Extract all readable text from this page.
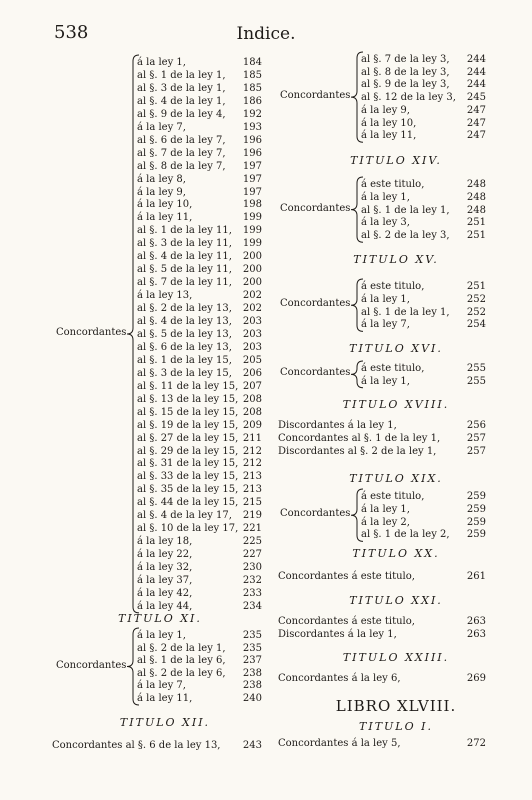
538	Indice.
á la ley 1,	184
al §. 1 de la ley 1, 185
al §. 3 de la ley 1, 185
al §. 4 de la ley 1, 186
al §. 9 de la ley 4, 192
á la ley 7,	193
al §. 6 de la ley 7, 196
al §. 7 de la ley 7, 196
al §. 8 de la ley 7, 197
á la ley 8,	197
á la ley 9,	197
á la ley 10,	198
á la ley 11,	199
al §. 1 de la ley 11, 199
al §. 3 de la ley 11, 199
al §. 4 de la ley 11, 200
al §. 5 de la ley 11, 200
al §. 7 de la ley 11, 200
á la ley 13,	202
al §. 2 de la ley 13, 202
al §. 4 de la ley 13, 203
al §. 5 de la ley 13, 203
al §. 6 de la ley 13, 203
al §. 1 de la ley 15, 205
al §. 3 de la ley 15, 206
al §. 11 de la ley 15, 207
al §. 13 de la ley 15, 208
al §. 15 de la ley 15, 208
al §. 19 de la ley 15, 209
al §. 27 de la ley 15, 211
al §. 29 de la ley 15, 212
al §. 31 de la ley 15, 212
al §. 33 de la ley 15, 213
al §. 35 de la ley 15, 213
al §. 44 de la ley 15, 215
al §. 4 de la ley 17, 219
al §. 10 de la ley 17, 221
á la ley 18,	225
á la ley 22,	227
á la ley 32,	230
á la ley 37,	232
á la ley 42,	233
á la ley 44,	234
Concordantes
TITULO XI.
á la ley 1,	235
al §. 2 de la ley 1, 235
al §. 1 de la ley 6, 237
al §. 2 de la ley 6, 238
á la ley 7,	238
á la ley 11,	240
Concordantes
TITULO XII.
Concordantes al §. 6 de la ley 13, 243
al §. 7 de la ley 3, 244
al §. 8 de la ley 3, 244
al §. 9 de la ley 3, 244
al §. 12 de la ley 3, 245
á la ley 9,	247
á la ley 10,	247
á la ley 11,	247
Concordantes
TITULO XIV.
á este titulo,	248
á la ley 1,	248
al §. 1 de la ley 1, 248
á la ley 3,	251
al §. 2 de la ley 3, 251
Concordantes
TITULO XV.
á este titulo,	251
á la ley 1,	252
al §. 1 de la ley 1, 252
á la ley 7,	254
Concordantes
TITULO XVI.
á este titulo,	255
á la ley 1,	255
Concordantes
TITULO XVIII.
Discordantes á la ley 1,	256
Concordantes al §. 1 de la ley 1,	257
Discordantes al §. 2 de la ley 1,	257
TITULO XIX.
á este titulo,	259
á la ley 1,	259
á la ley 2,	259
al §. 1 de la ley 2, 259
Concordantes
TITULO XX.
Concordantes á este titulo,	261
TITULO XXI.
Concordantes á este titulo,	263
Discordantes á la ley 1,	263
TITULO XXIII.
Concordantes á la ley 6,	269
LIBRO XLVIII.
TITULO I.
Concordantes á la ley 5,	272
